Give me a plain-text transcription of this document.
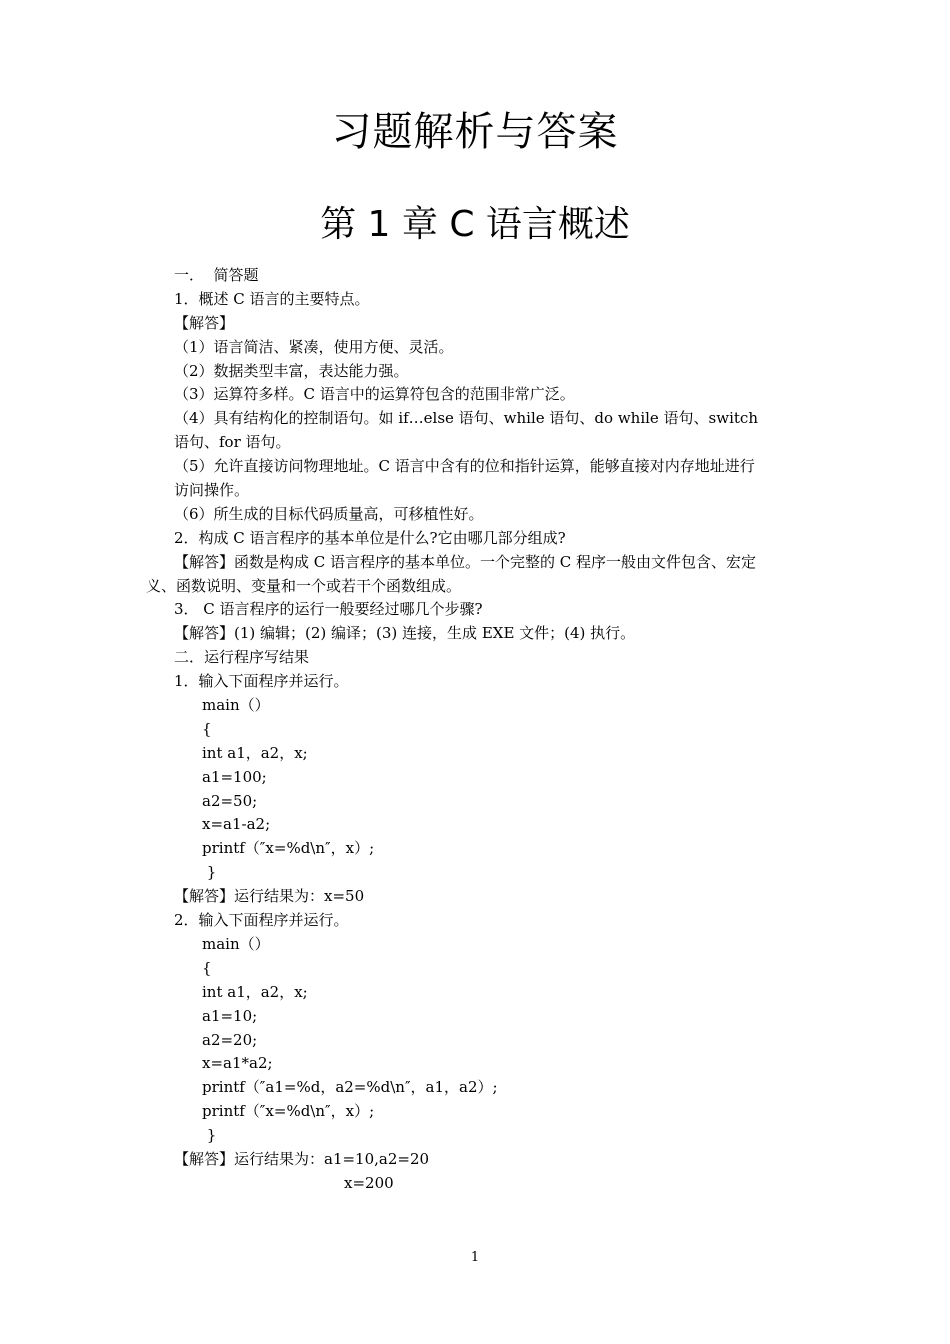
习题解析与答案
第 1 章 C 语言概述
一．  简答题
1．概述 C 语言的主要特点。
【解答】
（1）语言简洁、紧凑，使用方便、灵活。
（2）数据类型丰富，表达能力强。
（3）运算符多样。C 语言中的运算符包含的范围非常广泛。
（4）具有结构化的控制语句。如 if…else 语句、while 语句、do while 语句、switch
语句、for 语句。
（5）允许直接访问物理地址。C 语言中含有的位和指针运算，能够直接对内存地址进行
访问操作。
（6）所生成的目标代码质量高，可移植性好。
2．构成 C 语言程序的基本单位是什么?它由哪几部分组成?
【解答】函数是构成 C 语言程序的基本单位。一个完整的 C 程序一般由文件包含、宏定
义、函数说明、变量和一个或若干个函数组成。
3． C 语言程序的运行一般要经过哪几个步骤?
【解答】(1) 编辑；(2) 编译；(3) 连接，生成 EXE 文件；(4) 执行。
二．运行程序写结果
1．输入下面程序并运行。
main（）
{
int a1，a2，x;
a1=100;
a2=50;
x=a1-a2;
printf（″x=%d\n″，x）;
}
【解答】运行结果为：x=50
2．输入下面程序并运行。
main（）
{
int a1，a2，x;
a1=10;
a2=20;
x=a1*a2;
printf（″a1=%d，a2=%d\n″，a1，a2）;
printf（″x=%d\n″，x）;
}
【解答】运行结果为：a1=10,a2=20
x=200
1
